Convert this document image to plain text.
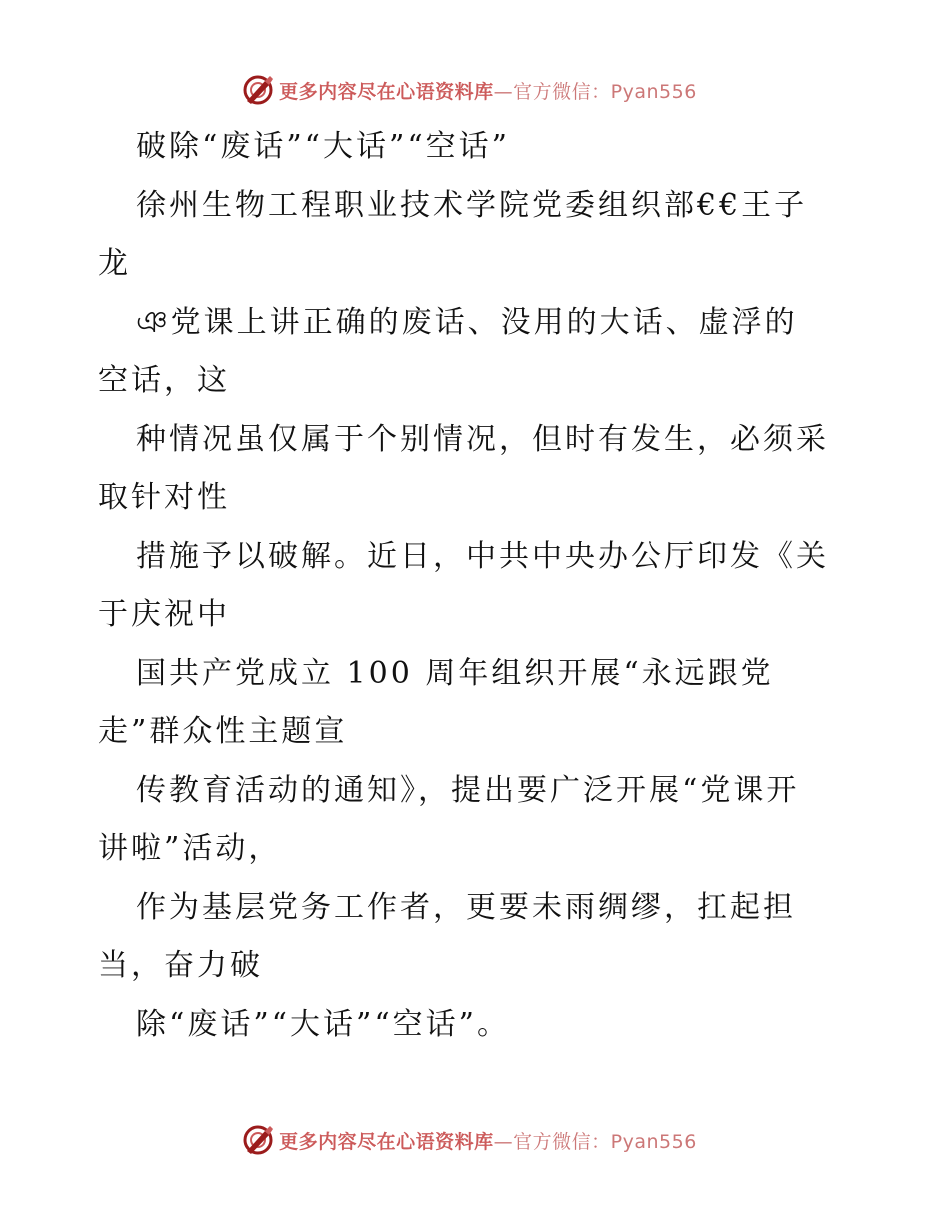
更多内容尽在心语资料库—官方微信：Pyan556
破除“废话”“大话”“空话”
徐州生物工程职业技术学院党委组织部€€王子
龙
ঞ党课上讲正确的废话、没用的大话、虚浮的
空话，这
种情况虽仅属于个别情况，但时有发生，必须采
取针对性
措施予以破解。近日，中共中央办公厅印发《关
于庆祝中
国共产党成立 100 周年组织开展“永远跟党
走”群众性主题宣
传教育活动的通知》，提出要广泛开展“党课开
讲啦”活动，
作为基层党务工作者，更要未雨绸缪，扛起担
当，奋力破
除“废话”“大话”“空话”。
更多内容尽在心语资料库—官方微信：Pyan556
